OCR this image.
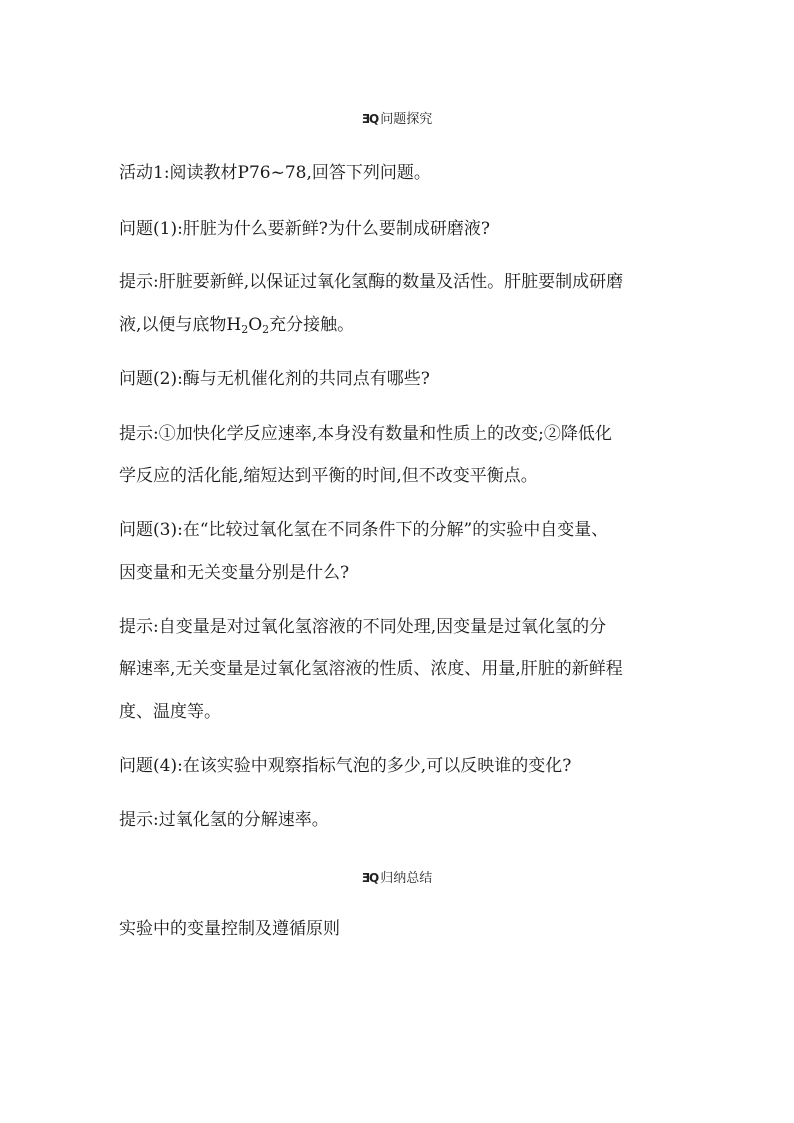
ƎQ 问题探究
活动1:阅读教材P76~78,回答下列问题。
问题(1):肝脏为什么要新鲜?为什么要制成研磨液?
提示:肝脏要新鲜,以保证过氧化氢酶的数量及活性。肝脏要制成研磨
液,以便与底物$H_2O_2$充分接触。
问题(2):酶与无机催化剂的共同点有哪些?
提示:①加快化学反应速率,本身没有数量和性质上的改变;②降低化
学反应的活化能,缩短达到平衡的时间,但不改变平衡点。
问题(3):在“比较过氧化氢在不同条件下的分解”的实验中自变量、
因变量和无关变量分别是什么?
提示:自变量是对过氧化氢溶液的不同处理,因变量是过氧化氢的分
解速率,无关变量是过氧化氢溶液的性质、浓度、用量,肝脏的新鲜程
度、温度等。
问题(4):在该实验中观察指标气泡的多少,可以反映谁的变化?
提示:过氧化氢的分解速率。
ƎQ 归纳总结
实验中的变量控制及遵循原则
